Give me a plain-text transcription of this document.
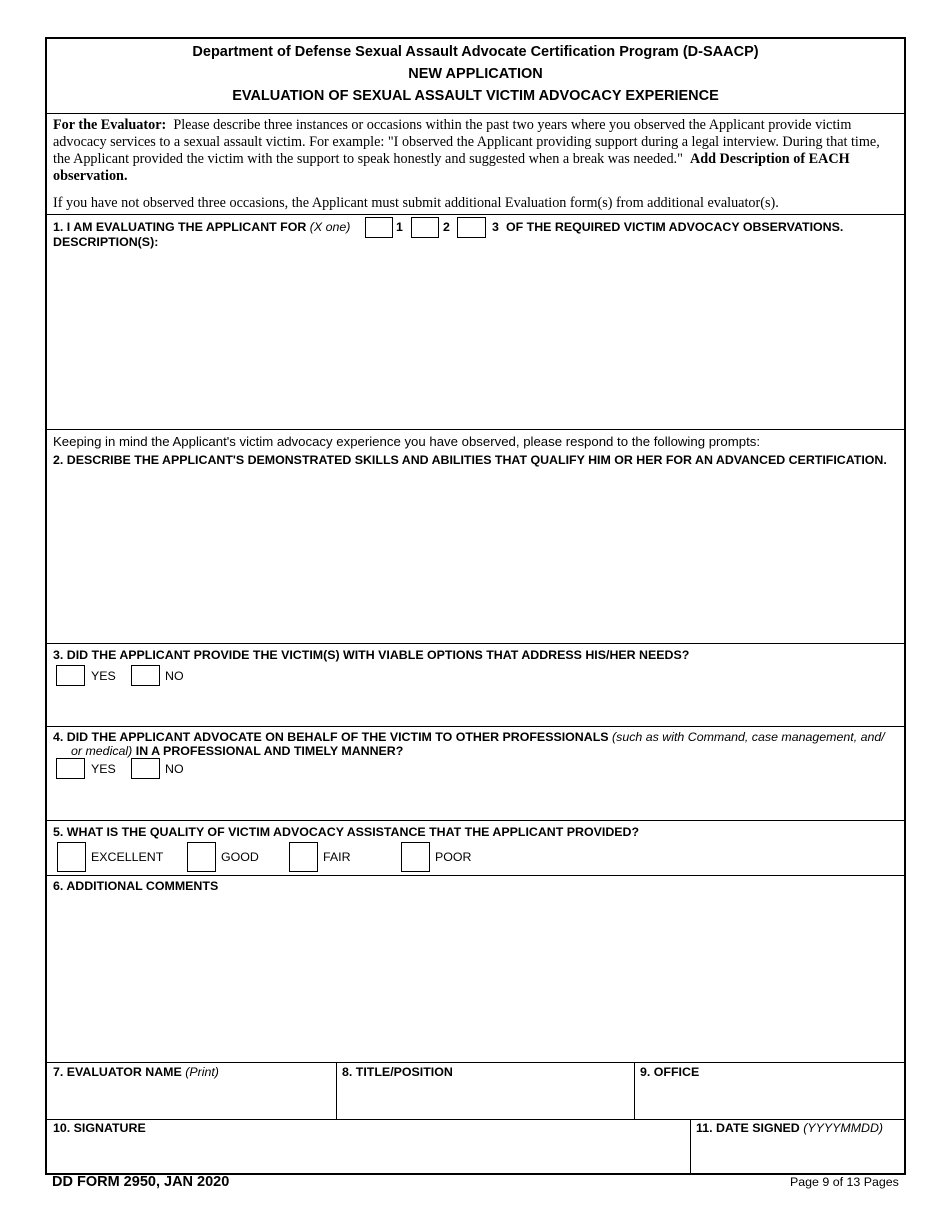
Department of Defense Sexual Assault Advocate Certification Program (D-SAACP)
NEW APPLICATION
EVALUATION OF SEXUAL ASSAULT VICTIM ADVOCACY EXPERIENCE
For the Evaluator: Please describe three instances or occasions within the past two years where you observed the Applicant provide victim advocacy services to a sexual assault victim. For example: "I observed the Applicant providing support during a legal interview. During that time, the Applicant provided the victim with the support to speak honestly and suggested when a break was needed." Add Description of EACH observation.
If you have not observed three occasions, the Applicant must submit additional Evaluation form(s) from additional evaluator(s).
1. I AM EVALUATING THE APPLICANT FOR (X one)	1	2	3 OF THE REQUIRED VICTIM ADVOCACY OBSERVATIONS.
DESCRIPTION(S):
Keeping in mind the Applicant's victim advocacy experience you have observed, please respond to the following prompts:
2. DESCRIBE THE APPLICANT'S DEMONSTRATED SKILLS AND ABILITIES THAT QUALIFY HIM OR HER FOR AN ADVANCED CERTIFICATION.
3. DID THE APPLICANT PROVIDE THE VICTIM(S) WITH VIABLE OPTIONS THAT ADDRESS HIS/HER NEEDS?
YES	NO
4. DID THE APPLICANT ADVOCATE ON BEHALF OF THE VICTIM TO OTHER PROFESSIONALS (such as with Command, case management, and/
or medical) IN A PROFESSIONAL AND TIMELY MANNER?
YES	NO
5. WHAT IS THE QUALITY OF VICTIM ADVOCACY ASSISTANCE THAT THE APPLICANT PROVIDED?
EXCELLENT	GOOD	FAIR	POOR
6. ADDITIONAL COMMENTS
7. EVALUATOR NAME (Print)	8. TITLE/POSITION	9. OFFICE
10. SIGNATURE	11. DATE SIGNED (YYYYMMDD)
DD FORM 2950, JAN 2020	Page 9 of 13 Pages
